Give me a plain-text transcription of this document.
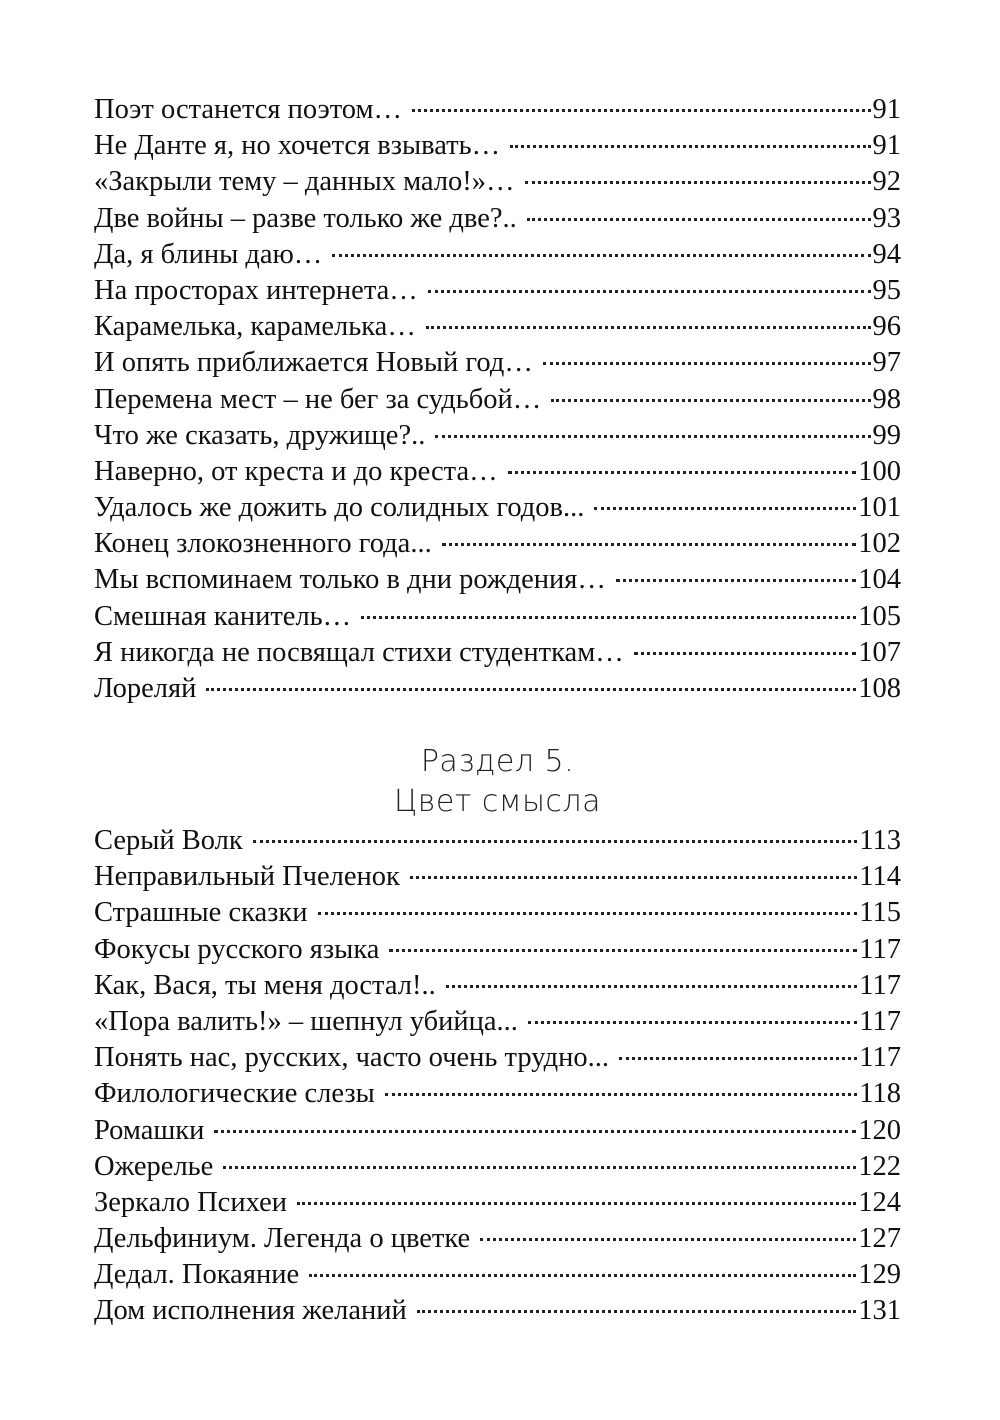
Поэт останется поэтом…	91
Не Данте я, но хочется взывать…	91
«Закрыли тему – данных мало!»…	92
Две войны – разве только же две?..	93
Да, я блины даю…	94
На просторах интернета…	95
Карамелька, карамелька…	96
И опять приближается Новый год…	97
Перемена мест – не бег за судьбой…	98
Что же сказать, дружище?..	99
Наверно, от креста и до креста…	100
Удалось же дожить до солидных годов...	101
Конец злокозненного года...	102
Мы вспоминаем только в дни рождения…	104
Смешная канитель…	105
Я никогда не посвящал стихи студенткам…	107
Лореляй	108
Раздел 5.
Цвет смысла
Серый Волк	113
Неправильный Пчеленок	114
Страшные сказки	115
Фокусы русского языка	117
Как, Вася, ты меня достал!..	117
«Пора валить!» – шепнул убийца...	117
Понять нас, русских, часто очень трудно...	117
Филологические слезы	118
Ромашки	120
Ожерелье	122
Зеркало Психеи	124
Дельфиниум. Легенда о цветке	127
Дедал. Покаяние	129
Дом исполнения желаний	131
